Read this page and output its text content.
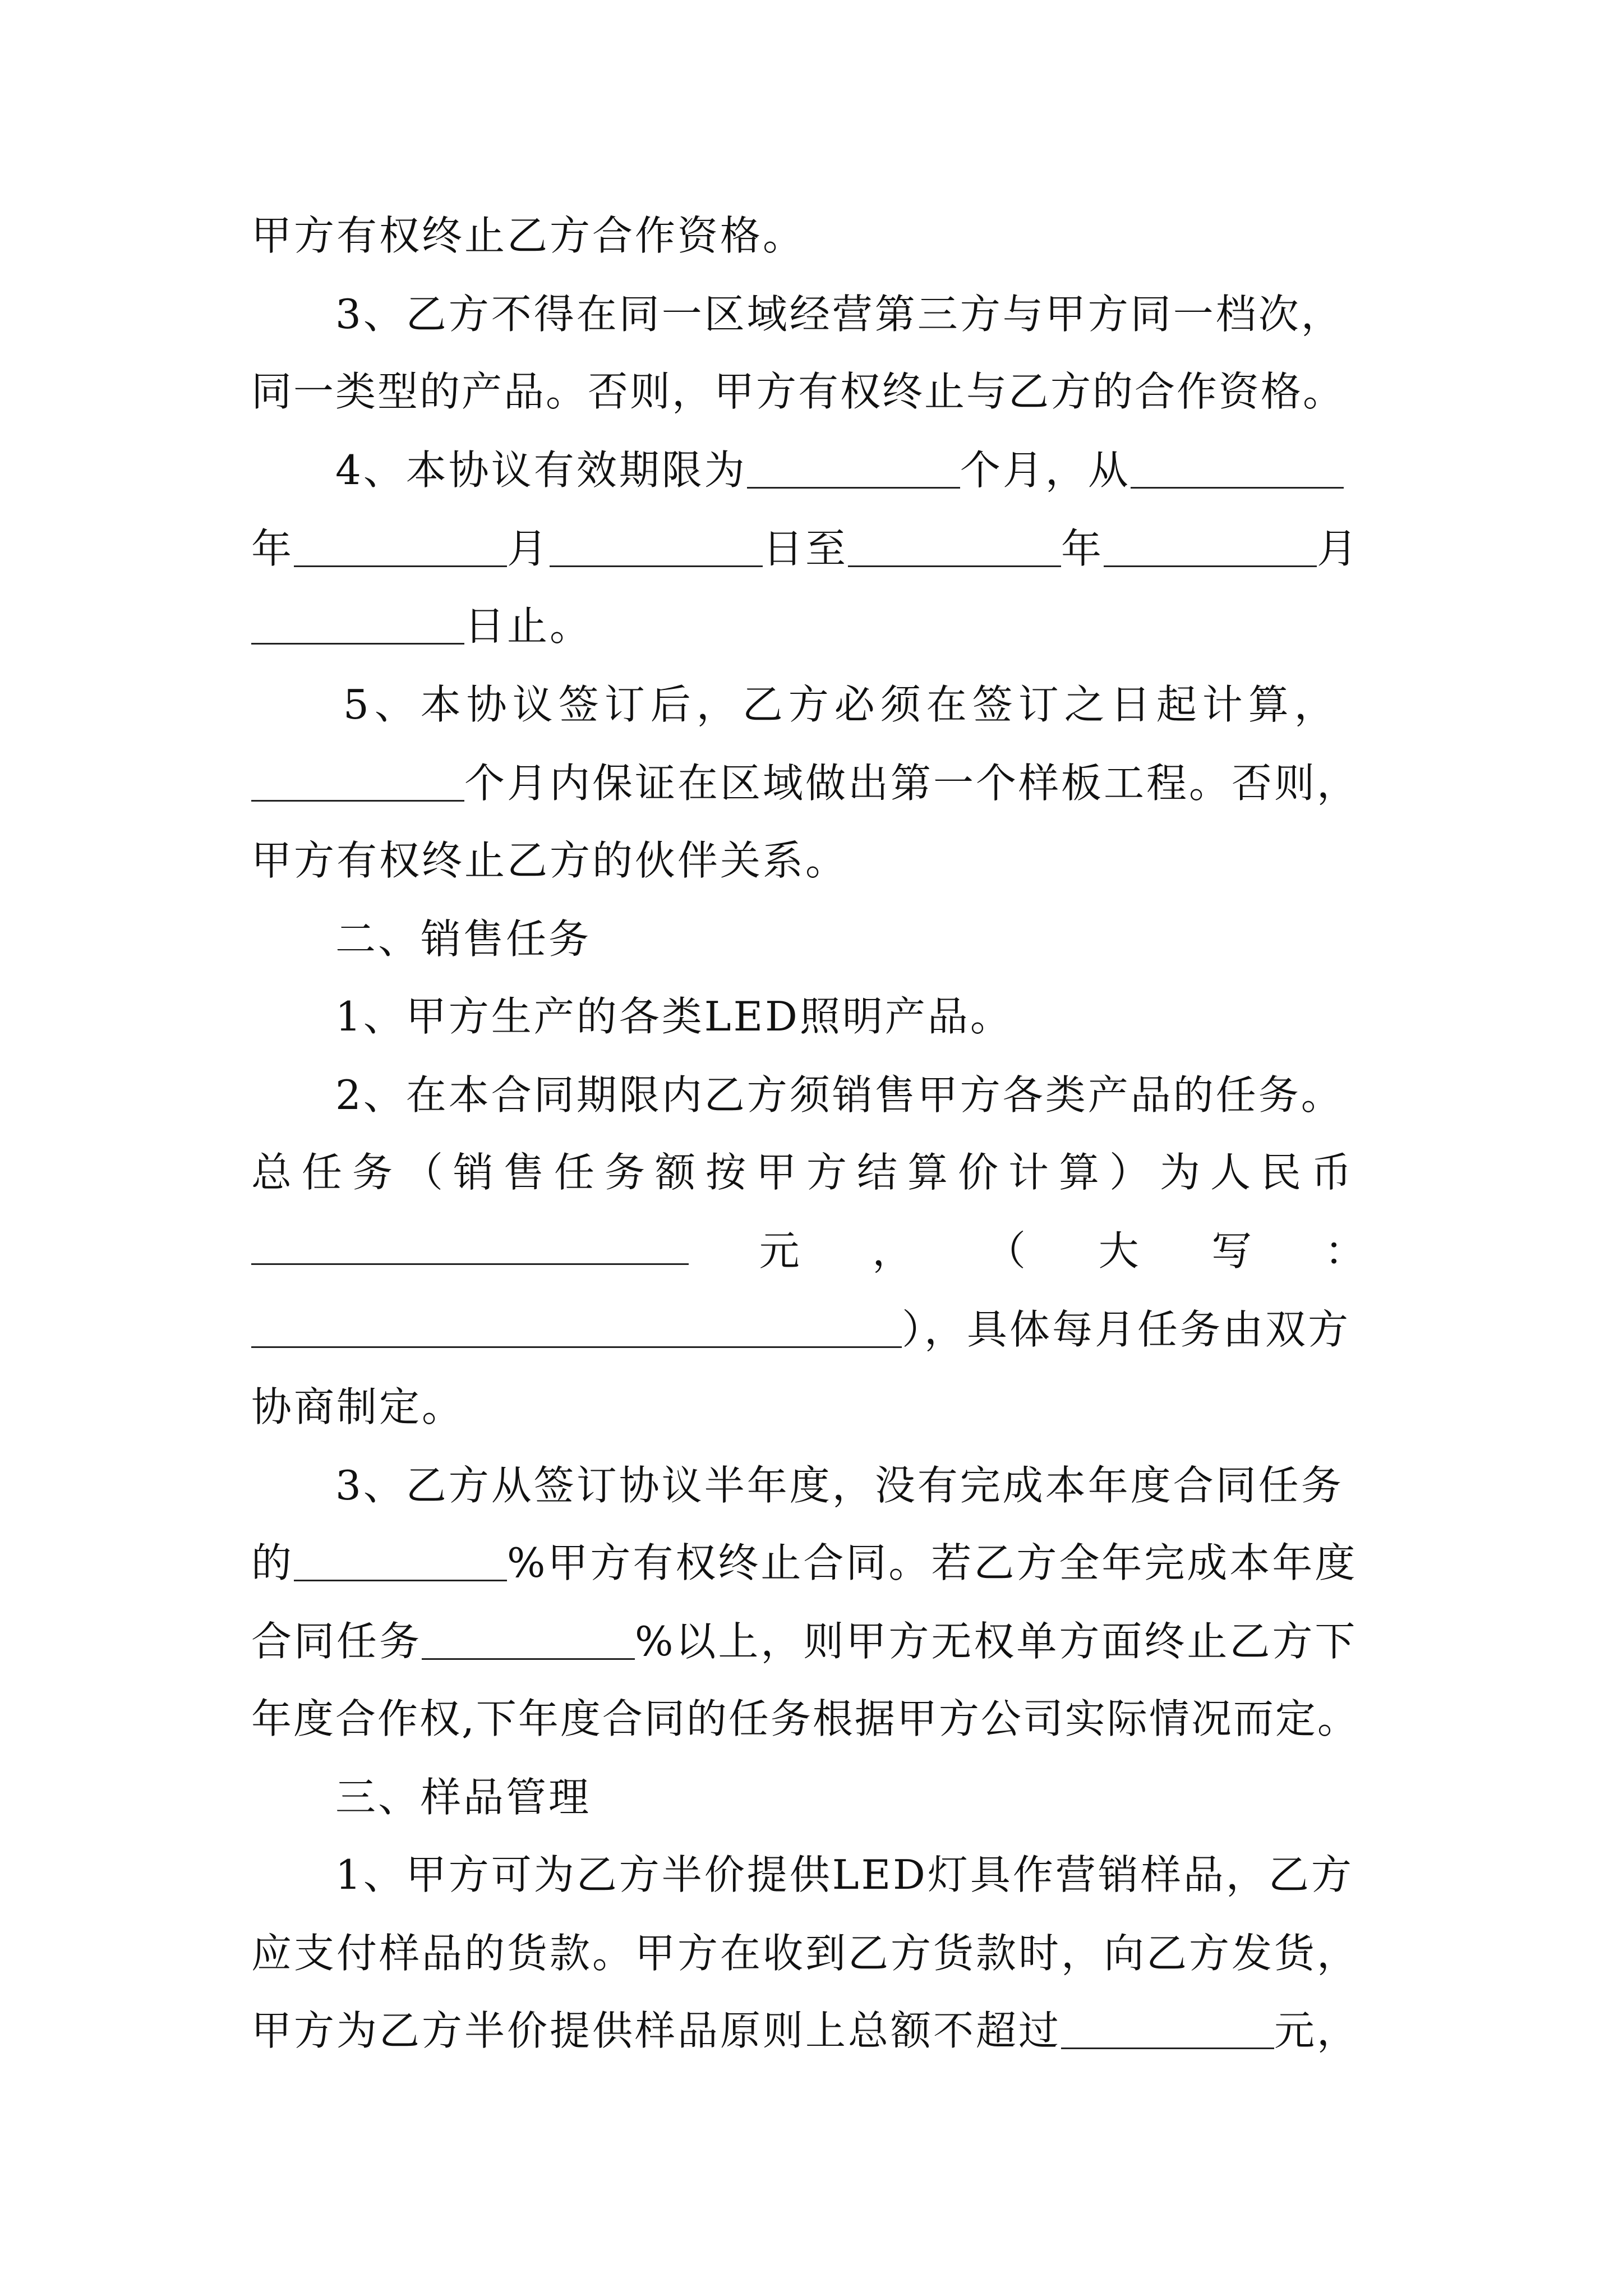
甲方有权终止乙方合作资格。
3、乙方不得在同一区域经营第三方与甲方同一档次，
同一类型的产品。否则，甲方有权终止与乙方的合作资格。
4、本协议有效期限为	个月，从
年	月	日至	年	月
日止。
5、本协议签订后，乙方必须在签订之日起计算，
个月内保证在区域做出第一个样板工程。否则，
甲方有权终止乙方的伙伴关系。
二、销售任务
1、甲方生产的各类LED照明产品。
2、在本合同期限内乙方须销售甲方各类产品的任务。
总任务（销售任务额按甲方结算价计算）为人民币
元 ， （ 大 写 ：
），具体每月任务由双方
协商制定。
3、乙方从签订协议半年度，没有完成本年度合同任务
的	%甲方有权终止合同。若乙方全年完成本年度
合同任务	%以上，则甲方无权单方面终止乙方下
年度合作权,下年度合同的任务根据甲方公司实际情况而定。
三、样品管理
1、甲方可为乙方半价提供LED灯具作营销样品，乙方
应支付样品的货款。甲方在收到乙方货款时，向乙方发货，
甲方为乙方半价提供样品原则上总额不超过	元，
